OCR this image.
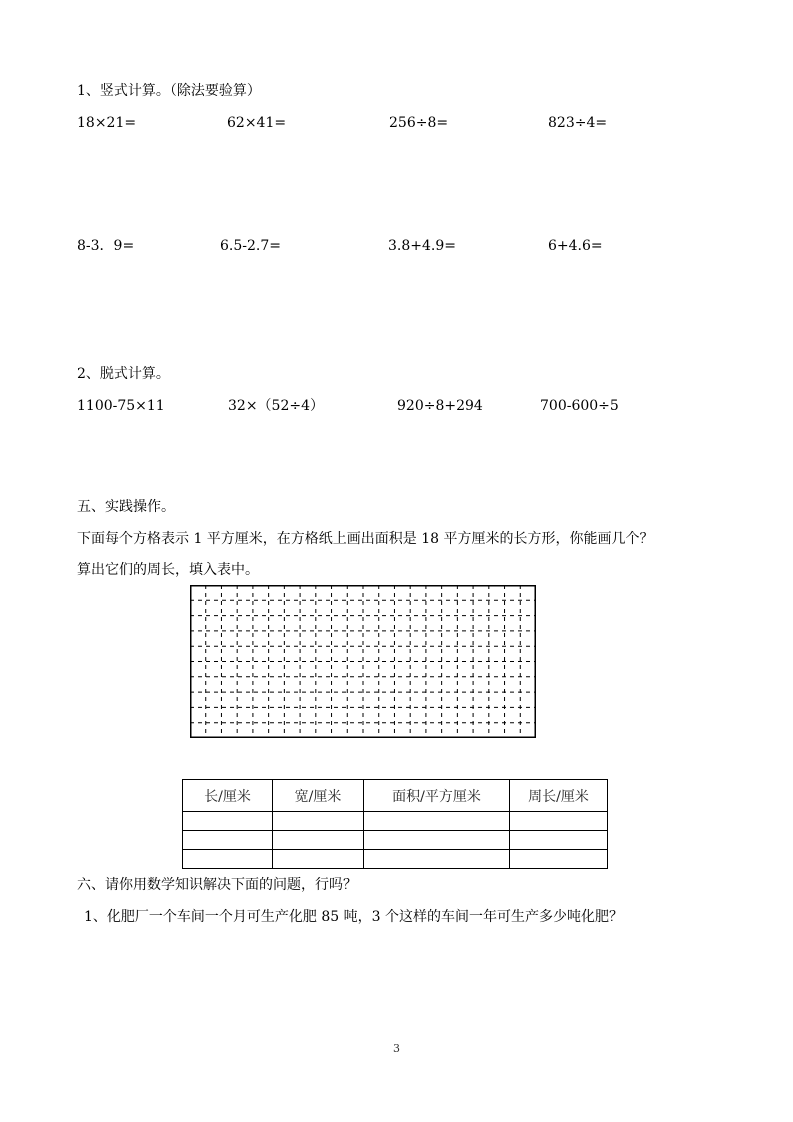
1、竖式计算。（除法要验算）
18×21=	62×41=	256÷8=	823÷4=
8-3．9=	6.5-2.7=	3.8+4.9=	6+4.6=
2、脱式计算。
1100-75×11	32×（52÷4）	920÷8+294	700-600÷5
五、实践操作。
下面每个方格表示 1 平方厘米，在方格纸上画出面积是 18 平方厘米的长方形，你能画几个？
算出它们的周长，填入表中。
长/厘米	宽/厘米	面积/平方厘米	周长/厘米

六、请你用数学知识解决下面的问题，行吗？
1、化肥厂一个车间一个月可生产化肥 85 吨，3 个这样的车间一年可生产多少吨化肥？
3
